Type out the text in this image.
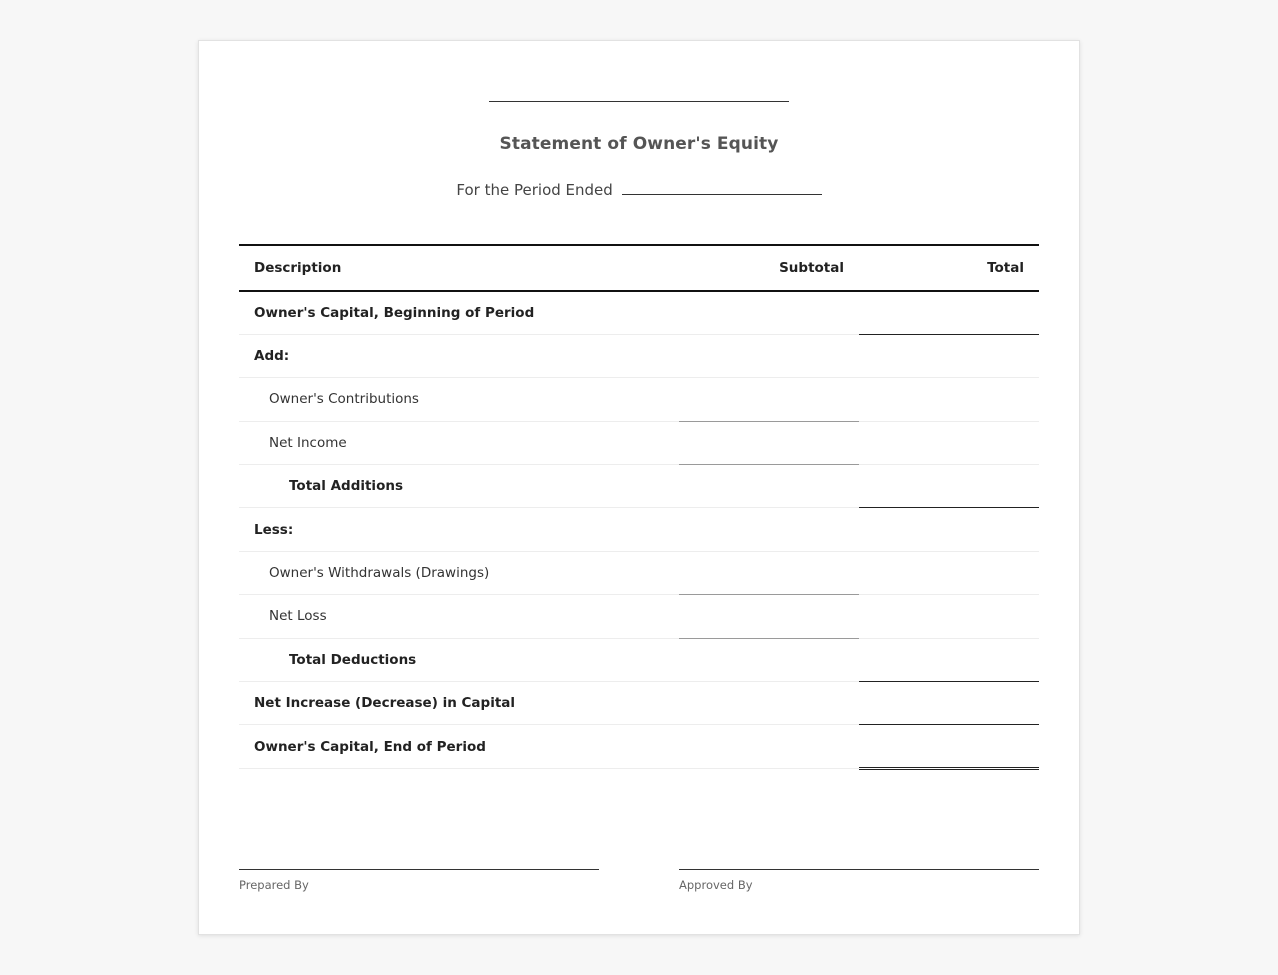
Statement of Owner's Equity
For the Period Ended
Description	Subtotal	Total
Owner's Capital, Beginning of Period		
Add:		
Owner's Contributions		
Net Income		
Total Additions		
Less:		
Owner's Withdrawals (Drawings)		
Net Loss		
Total Deductions		
Net Increase (Decrease) in Capital		
Owner's Capital, End of Period		
Prepared By	Approved By
